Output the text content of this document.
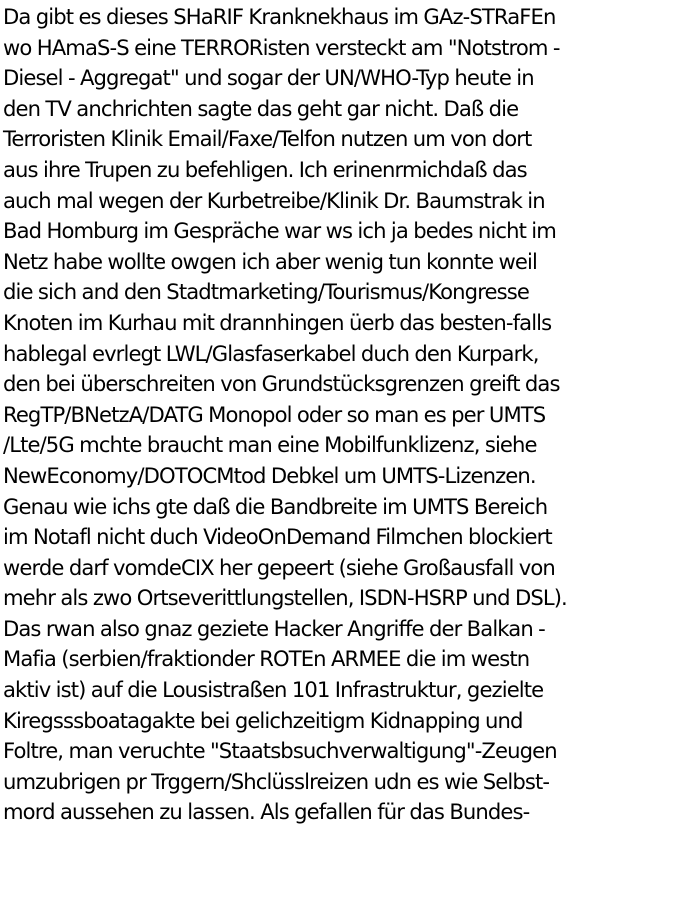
Da gibt es dieses SHaRIF Kranknekhaus im GAz-STRaFEn
wo HAmaS-S eine TERRORisten versteckt am "Notstrom -
Diesel - Aggregat" und sogar der UN/WHO-Typ heute in
den TV anchrichten sagte das geht gar nicht. Daß die
Terroristen Klinik Email/Faxe/Telfon nutzen um von dort
aus ihre Trupen zu befehligen. Ich erinenrmichdaß das
auch mal wegen der Kurbetreibe/Klinik Dr. Baumstrak in
Bad Homburg im Gespräche war ws ich ja bedes nicht im
Netz habe wollte owgen ich aber wenig tun konnte weil
die sich and den Stadtmarketing/Tourismus/Kongresse
Knoten im Kurhau mit drannhingen üerb das besten-falls
hablegal evrlegt LWL/Glasfaserkabel duch den Kurpark,
den bei überschreiten von Grundstücksgrenzen greift das
RegTP/BNetzA/DATG Monopol oder so man es per UMTS
/Lte/5G mchte braucht man eine Mobilfunklizenz, siehe
NewEconomy/DOTOCMtod Debkel um UMTS-Lizenzen.
Genau wie ichs gte daß die Bandbreite im UMTS Bereich
im Notafl nicht duch VideoOnDemand Filmchen blockiert
werde darf vomdeCIX her gepeert (siehe Großausfall von
mehr als zwo Ortseverittlungstellen, ISDN-HSRP und DSL).
Das rwan also gnaz geziete Hacker Angriffe der Balkan -
Mafia (serbien/fraktionder ROTEn ARMEE die im westn
aktiv ist) auf die Lousistraßen 101 Infrastruktur, gezielte
Kiregsssboatagakte bei gelichzeitigm Kidnapping und
Foltre, man veruchte "Staatsbsuchverwaltigung"-Zeugen
umzubrigen pr Trggern/Shclüsslreizen udn es wie Selbst-
mord aussehen zu lassen. Als gefallen für das Bundes-
